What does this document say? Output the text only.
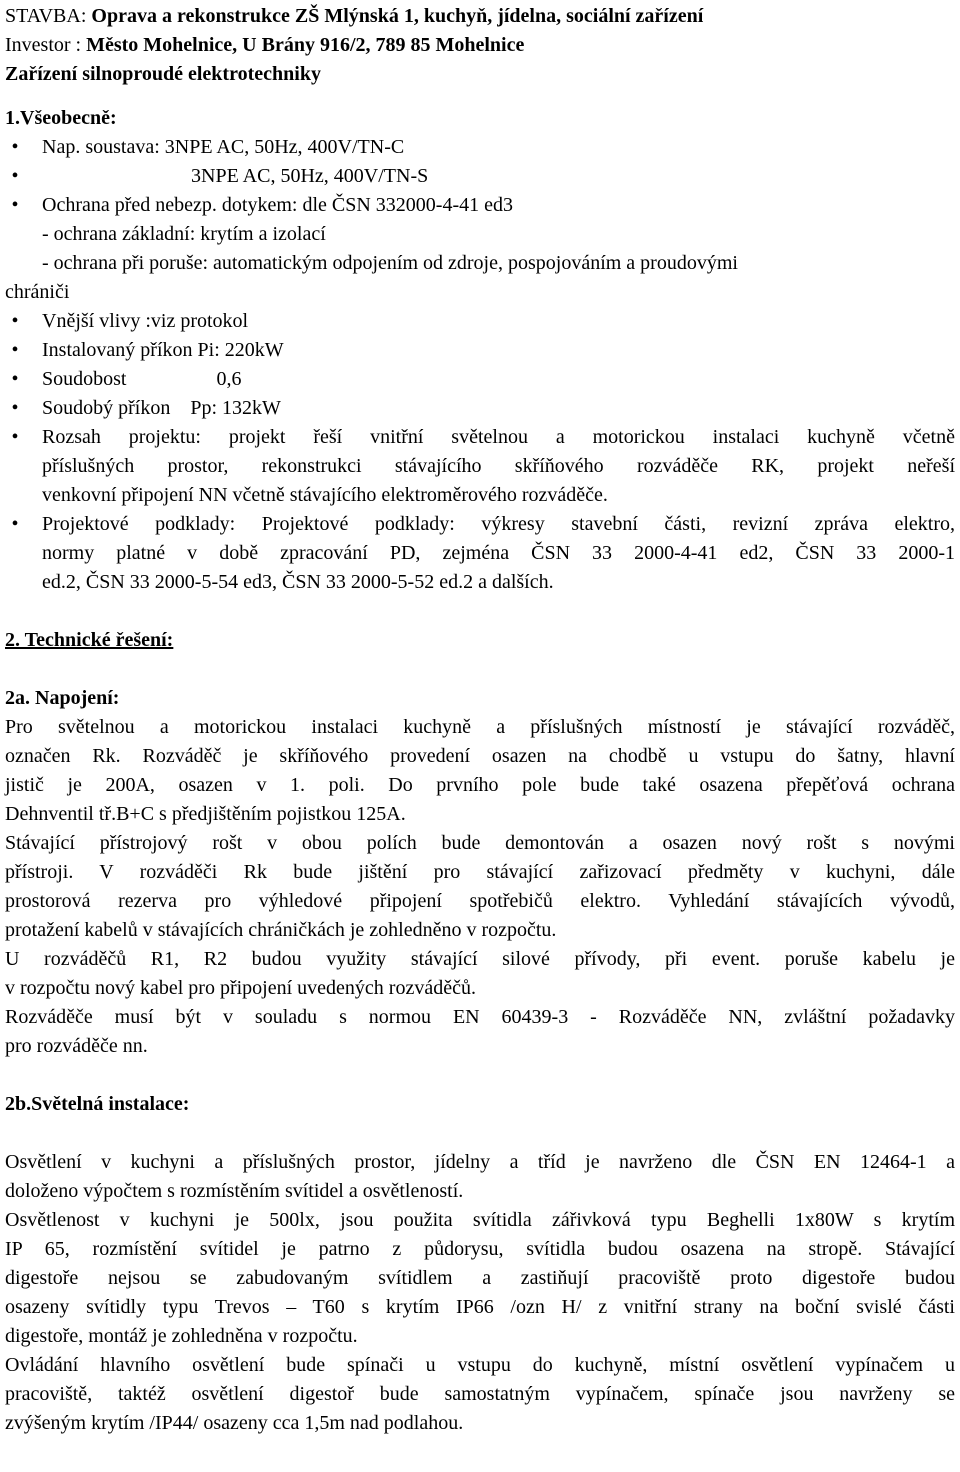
STAVBA: Oprava a rekonstrukce ZŠ Mlýnská 1, kuchyň, jídelna, sociální zařízení
Investor : Město Mohelnice, U Brány 916/2, 789 85 Mohelnice
Zařízení silnoproudé elektrotechniky
1.Všeobecně:
•	Nap. soustava: 3NPE AC, 50Hz, 400V/TN-C
•	3NPE AC, 50Hz, 400V/TN-S
•	Ochrana před nebezp. dotykem: dle ČSN 332000-4-41 ed3
- ochrana základní: krytím a izolací
- ochrana při poruše: automatickým odpojením od zdroje, pospojováním a proudovými
chrániči
•	Vnější vlivy :viz protokol
•	Instalovaný příkon Pi: 220kW
•	Soudobost	0,6
•	Soudobý příkon Pp: 132kW
•	Rozsah projektu: projekt řeší vnitřní světelnou a motorickou instalaci kuchyně včetně
příslušných prostor, rekonstrukci stávajícího skříňového rozváděče RK, projekt neřeší
venkovní připojení NN včetně stávajícího elektroměrového rozváděče.
•	Projektové podklady: Projektové podklady: výkresy stavební části, revizní zpráva elektro,
normy platné v době zpracování PD, zejména ČSN 33 2000-4-41 ed2, ČSN 33 2000-1
ed.2, ČSN 33 2000-5-54 ed3, ČSN 33 2000-5-52 ed.2 a dalších.
2. Technické řešení:
2a. Napojení:
Pro světelnou a motorickou instalaci kuchyně a příslušných místností je stávající rozváděč,
označen Rk. Rozváděč je skříňového provedení osazen na chodbě u vstupu do šatny, hlavní
jistič je 200A, osazen v 1. poli. Do prvního pole bude také osazena přepěťová ochrana
Dehnventil tř.B+C s předjištěním pojistkou 125A.
Stávající přístrojový rošt v obou polích bude demontován a osazen nový rošt s novými
přístroji. V rozváděči Rk bude jištění pro stávající zařizovací předměty v kuchyni, dále
prostorová rezerva pro výhledové připojení spotřebičů elektro. Vyhledání stávajících vývodů,
protažení kabelů v stávajících chráničkách je zohledněno v rozpočtu.
U rozváděčů R1, R2 budou využity stávající silové přívody, při event. poruše kabelu je
v rozpočtu nový kabel pro připojení uvedených rozváděčů.
Rozváděče musí být v souladu s normou EN 60439-3 - Rozváděče NN, zvláštní požadavky
pro rozváděče nn.
2b.Světelná instalace:
Osvětlení v kuchyni a příslušných prostor, jídelny a tříd je navrženo dle ČSN EN 12464-1 a
doloženo výpočtem s rozmístěním svítidel a osvětleností.
Osvětlenost v kuchyni je 500lx, jsou použita svítidla zářivková typu Beghelli 1x80W s krytím
IP 65, rozmístění svítidel je patrno z půdorysu, svítidla budou osazena na stropě. Stávající
digestoře nejsou se zabudovaným svítidlem a zastiňují pracoviště proto digestoře budou
osazeny svítidly typu Trevos – T60 s krytím IP66 /ozn H/ z vnitřní strany na boční svislé části
digestoře, montáž je zohledněna v rozpočtu.
Ovládání hlavního osvětlení bude spínači u vstupu do kuchyně, místní osvětlení vypínačem u
pracoviště, taktéž osvětlení digestoř bude samostatným vypínačem, spínače jsou navrženy se
zvýšeným krytím /IP44/ osazeny cca 1,5m nad podlahou.
